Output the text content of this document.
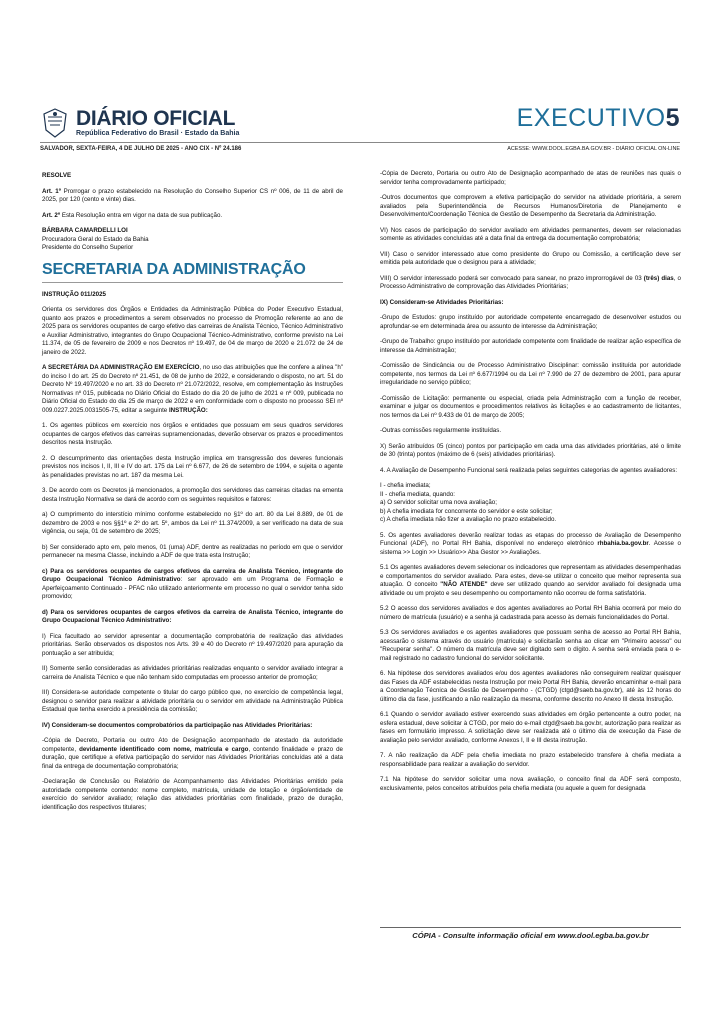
DIÁRIO OFICIAL
República Federativo do Brasil · Estado da Bahia
EXECUTIVO5
SALVADOR, SEXTA-FEIRA, 4 DE JULHO DE 2025 - ANO CIX - Nº 24.186	ACESSE: WWW.DOOL.EGBA.BA.GOV.BR - DIÁRIO OFICIAL ON-LINE

RESOLVE

Art. 1º Prorrogar o prazo estabelecido na Resolução do Conselho Superior CS nº 006, de 11 de abril de 2025, por 120 (cento e vinte) dias.

Art. 2º Esta Resolução entra em vigor na data de sua publicação.

BÁRBARA CAMARDELLI LOI

Procuradora Geral do Estado da Bahia

Presidente do Conselho Superior

SECRETARIA DA ADMINISTRAÇÃO

INSTRUÇÃO 011/2025

Orienta os servidores dos Órgãos e Entidades da Administração Pública do Poder Executivo Estadual, quanto aos prazos e procedimentos a serem observados no processo de Promoção referente ao ano de 2025 para os servidores ocupantes de cargo efetivo das carreiras de Analista Técnico, Técnico Administrativo e Auxiliar Administrativo, integrantes do Grupo Ocupacional Técnico-Administrativo, conforme previsto na Lei 11.374, de 05 de fevereiro de 2009 e nos Decretos nº 19.497, de 04 de março de 2020 e 21.072 de 24 de janeiro de 2022.

A SECRETÁRIA DA ADMINISTRAÇÃO EM EXERCÍCIO, no uso das atribuições que lhe confere a alínea "h" do inciso I do art. 25 do Decreto nº 21.451, de 08 de junho de 2022, e considerando o disposto, no art. 51 do Decreto Nº 19.497/2020 e no art. 33 do Decreto nº 21.072/2022, resolve, em complementação às Instruções Normativas nº 015, publicada no Diário Oficial do Estado do dia 20 de julho de 2021 e nº 009, publicada no Diário Oficial do Estado do dia 25 de março de 2022 e em conformidade com o disposto no processo SEI nº 009.0227.2025.0031505-75, editar a seguinte INSTRUÇÃO:

1. Os agentes públicos em exercício nos órgãos e entidades que possuam em seus quadros servidores ocupantes de cargos efetivos das carreiras supramencionadas, deverão observar os prazos e procedimentos descritos nesta Instrução.

2. O descumprimento das orientações desta Instrução implica em transgressão dos deveres funcionais previstos nos incisos I, II, III e IV do art. 175 da Lei nº 6.677, de 26 de setembro de 1994, e sujeita o agente às penalidades previstas no art. 187 da mesma Lei.

3. De acordo com os Decretos já mencionados, a promoção dos servidores das carreiras citadas na ementa desta Instrução Normativa se dará de acordo com os seguintes requisitos e fatores:

a) O cumprimento do interstício mínimo conforme estabelecido no §1º do art. 80 da Lei 8.889, de 01 de dezembro de 2003 e nos §§1º e 2º do art. 5º, ambos da Lei nº 11.374/2009, a ser verificado na data de sua vigência, ou seja, 01 de setembro de 2025;

b) Ser considerado apto em, pelo menos, 01 (uma) ADF, dentre as realizadas no período em que o servidor permanecer na mesma Classe, incluindo a ADF de que trata esta Instrução;

c) Para os servidores ocupantes de cargos efetivos da carreira de Analista Técnico, integrante do Grupo Ocupacional Técnico Administrativo: ser aprovado em um Programa de Formação e Aperfeiçoamento Continuado - PFAC não utilizado anteriormente em processo no qual o servidor tenha sido promovido;

d) Para os servidores ocupantes de cargos efetivos da carreira de Analista Técnico, integrante do Grupo Ocupacional Técnico Administrativo:

I) Fica facultado ao servidor apresentar a documentação comprobatória de realização das atividades prioritárias. Serão observados os dispostos nos Arts. 39 e 40 do Decreto nº 19.497/2020 para apuração da pontuação a ser atribuída;

II) Somente serão consideradas as atividades prioritárias realizadas enquanto o servidor avaliado integrar a carreira de Analista Técnico e que não tenham sido computadas em processo anterior de promoção;

III) Considera-se autoridade competente o titular do cargo público que, no exercício de competência legal, designou o servidor para realizar a atividade prioritária ou o servidor em atividade na Administração Pública Estadual que tenha exercido a presidência da comissão;

IV) Consideram-se documentos comprobatórios da participação nas Atividades Prioritárias:

-Cópia de Decreto, Portaria ou outro Ato de Designação acompanhado de atestado da autoridade competente, devidamente identificado com nome, matrícula e cargo, contendo finalidade e prazo de duração, que certifique a efetiva participação do servidor nas Atividades Prioritárias concluídas até a data final da entrega de documentação comprobatória;

-Declaração de Conclusão ou Relatório de Acompanhamento das Atividades Prioritárias emitido pela autoridade competente contendo: nome completo, matrícula, unidade de lotação e órgão/entidade de exercício do servidor avaliado; relação das atividades prioritárias com finalidade, prazo de duração, identificação dos respectivos titulares;

-Cópia de Decreto, Portaria ou outro Ato de Designação acompanhado de atas de reuniões nas quais o servidor tenha comprovadamente participado;

-Outros documentos que comprovem a efetiva participação do servidor na atividade prioritária, a serem avaliados pela Superintendência de Recursos Humanos/Diretoria de Planejamento e Desenvolvimento/Coordenação Técnica de Gestão de Desempenho da Secretaria da Administração.

VI) Nos casos de participação do servidor avaliado em atividades permanentes, devem ser relacionadas somente as atividades concluídas até a data final da entrega da documentação comprobatória;

VII) Caso o servidor interessado atue como presidente do Grupo ou Comissão, a certificação deve ser emitida pela autoridade que o designou para a atividade;

VIII) O servidor interessado poderá ser convocado para sanear, no prazo improrrogável de 03 (três) dias, o Processo Administrativo de comprovação das Atividades Prioritárias;

IX) Consideram-se Atividades Prioritárias:

-Grupo de Estudos: grupo instituído por autoridade competente encarregado de desenvolver estudos ou aprofundar-se em determinada área ou assunto de interesse da Administração;

-Grupo de Trabalho: grupo instituído por autoridade competente com finalidade de realizar ação específica de interesse da Administração;

-Comissão de Sindicância ou de Processo Administrativo Disciplinar: comissão instituída por autoridade competente, nos termos da Lei nº 6.677/1994 ou da Lei nº 7.990 de 27 de dezembro de 2001, para apurar irregularidade no serviço público;

-Comissão de Licitação: permanente ou especial, criada pela Administração com a função de receber, examinar e julgar os documentos e procedimentos relativos às licitações e ao cadastramento de licitantes, nos termos da Lei nº 9.433 de 01 de março de 2005;

-Outras comissões regularmente instituídas.

X) Serão atribuídos 05 (cinco) pontos por participação em cada uma das atividades prioritárias, até o limite de 30 (trinta) pontos (máximo de 6 (seis) atividades prioritárias).

4. A Avaliação de Desempenho Funcional será realizada pelas seguintes categorias de agentes avaliadores:

I - chefia imediata;

II - chefia mediata, quando:

a) O servidor solicitar uma nova avaliação;

b) A chefia imediata for concorrente do servidor e este solicitar;

c) A chefia imediata não fizer a avaliação no prazo estabelecido.

5. Os agentes avaliadores deverão realizar todas as etapas do processo de Avaliação de Desempenho Funcional (ADF), no Portal RH Bahia, disponível no endereço eletrônico rhbahia.ba.gov.br. Acesse o sistema >> Login >> Usuário>> Aba Gestor >> Avaliações.

5.1 Os agentes avaliadores devem selecionar os indicadores que representam as atividades desempenhadas e comportamentos do servidor avaliado. Para estes, deve-se utilizar o conceito que melhor representa sua atuação. O conceito "NÃO ATENDE" deve ser utilizado quando ao servidor avaliado foi designada uma atividade ou um projeto e seu desempenho ou comportamento não ocorreu de forma satisfatória.

5.2 O acesso dos servidores avaliados e dos agentes avaliadores ao Portal RH Bahia ocorrerá por meio do número de matrícula (usuário) e a senha já cadastrada para acesso às demais funcionalidades do Portal.

5.3 Os servidores avaliados e os agentes avaliadores que possuam senha de acesso ao Portal RH Bahia, acessarão o sistema através do usuário (matrícula) e solicitarão senha ao clicar em "Primeiro acesso" ou "Recuperar senha". O número da matrícula deve ser digitado sem o dígito. A senha será enviada para o e-mail registrado no cadastro funcional do servidor solicitante.

6. Na hipótese dos servidores avaliados e/ou dos agentes avaliadores não conseguirem realizar quaisquer das Fases da ADF estabelecidas nesta Instrução por meio Portal RH Bahia, deverão encaminhar e-mail para a Coordenação Técnica de Gestão de Desempenho - (CTGD) (ctgd@saeb.ba.gov.br), até às 12 horas do último dia da fase, justificando a não realização da mesma, conforme descrito no Anexo III desta Instrução.

6.1 Quando o servidor avaliado estiver exercendo suas atividades em órgão pertencente a outro poder, na esfera estadual, deve solicitar à CTGD, por meio do e-mail ctgd@saeb.ba.gov.br, autorização para realizar as fases em formulário impresso. A solicitação deve ser realizada até o último dia de execução da Fase de avaliação pelo servidor avaliado, conforme Anexos I, II e III desta instrução.

7. A não realização da ADF pela chefia imediata no prazo estabelecido transfere à chefia mediata a responsabilidade para realizar a avaliação do servidor.

7.1 Na hipótese do servidor solicitar uma nova avaliação, o conceito final da ADF será composto, exclusivamente, pelos conceitos atribuídos pela chefia mediata (ou aquele a quem for designada

CÓPIA - Consulte informação oficial em www.dool.egba.ba.gov.br
